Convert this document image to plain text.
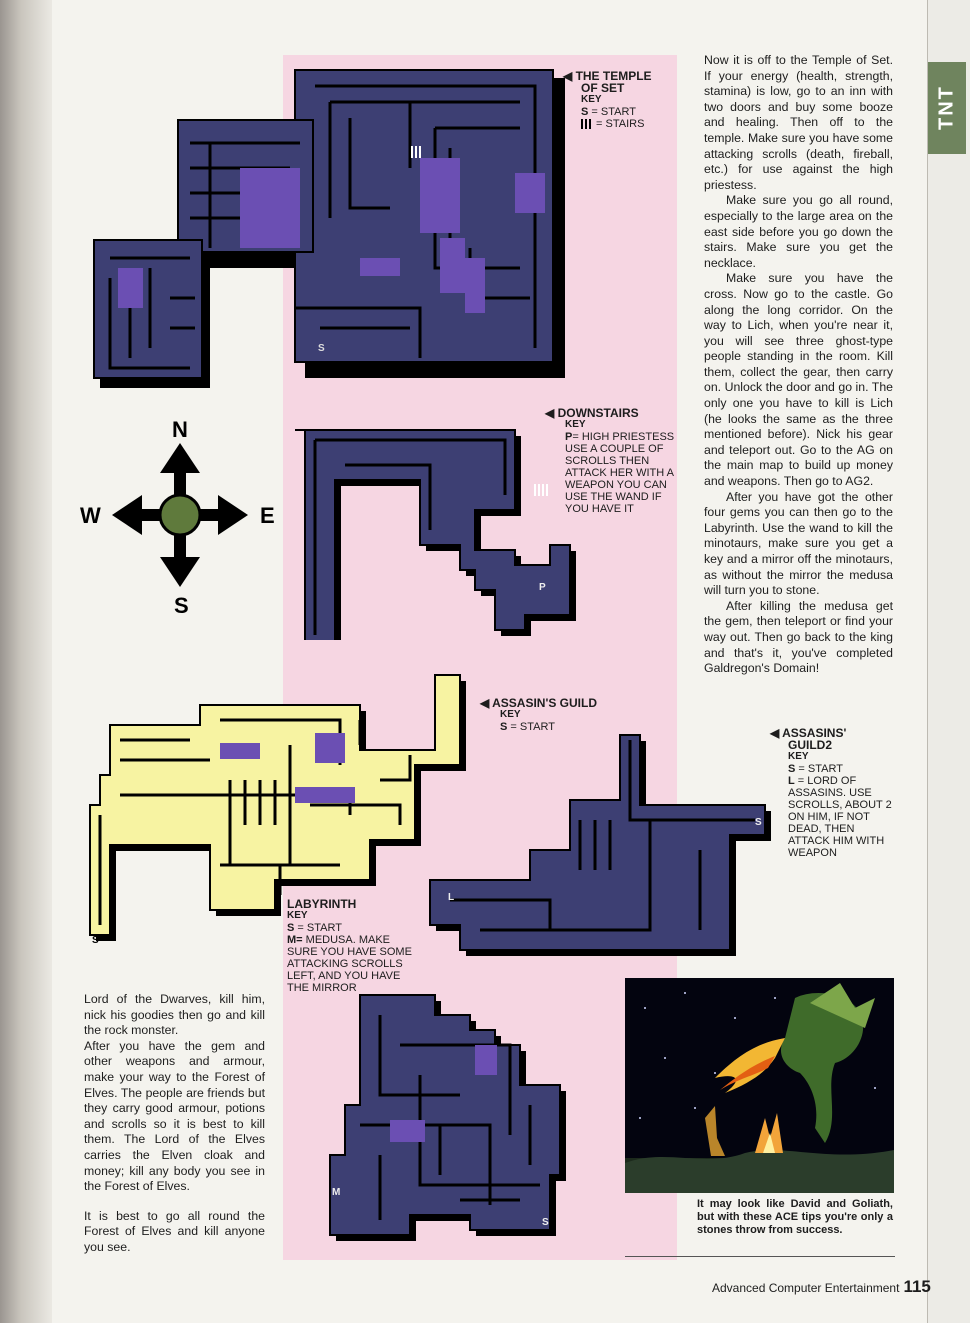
TNT
S
◀ THE TEMPLE
OF SET
KEY
S = START
= STAIRS
N
S
W	E
P
◀ DOWNSTAIRS
KEY
P= HIGH PRIESTESS USE A COUPLE OF SCROLLS THEN ATTACK HER WITH A WEAPON YOU CAN USE THE WAND IF YOU HAVE IT
S
◀ ASSASIN'S GUILD
KEY
S = START
S
L
◀ ASSASINS'
GUILD2
KEY
S = START
L = LORD OF ASSASINS. USE SCROLLS, ABOUT 2 ON HIM, IF NOT DEAD, THEN ATTACK HIM WITH WEAPON
LABYRINTH
KEY
S = START
M= MEDUSA. MAKE SURE YOU HAVE SOME ATTACKING SCROLLS LEFT, AND YOU HAVE THE MIRROR
M
S

Lord of the Dwarves, kill him, nick his goodies then go and kill the rock monster.

After you have the gem and other weapons and armour, make your way to the Forest of Elves. The people are friends but they carry good armour, potions and scrolls so it is best to kill them. The Lord of the Elves carries the Elven cloak and money; kill any body you see in the Forest of Elves.

It is best to go all round the Forest of Elves and kill anyone you see.

Now it is off to the Temple of Set. If your energy (health, strength, stamina) is low, go to an inn with two doors and buy some booze and healing. Then off to the temple. Make sure you have some attacking scrolls (death, fireball, etc.) for use against the high priestess.

Make sure you go all round, especially to the large area on the east side before you go down the stairs. Make sure you get the necklace.

Make sure you have the cross. Now go to the castle. Go along the long corridor. On the way to Lich, when you're near it, you will see three ghost-type people standing in the room. Kill them, collect the gear, then carry on. Unlock the door and go in. The only one you have to kill is Lich (he looks the same as the three mentioned before). Nick his gear and teleport out. Go to the AG on the main map to build up money and weapons. Then go to AG2.

After you have got the other four gems you can then go to the Labyrinth. Use the wand to kill the minotaurs, make sure you get a key and a mirror off the minotaurs, as without the mirror the medusa will turn you to stone.

After killing the medusa get the gem, then teleport or find your way out. Then go back to the king and that's it, you've completed Galdregon's Domain!

It may look like David and Goliath, but with these ACE tips you're only a stones throw from success.
Advanced Computer Entertainment 115
